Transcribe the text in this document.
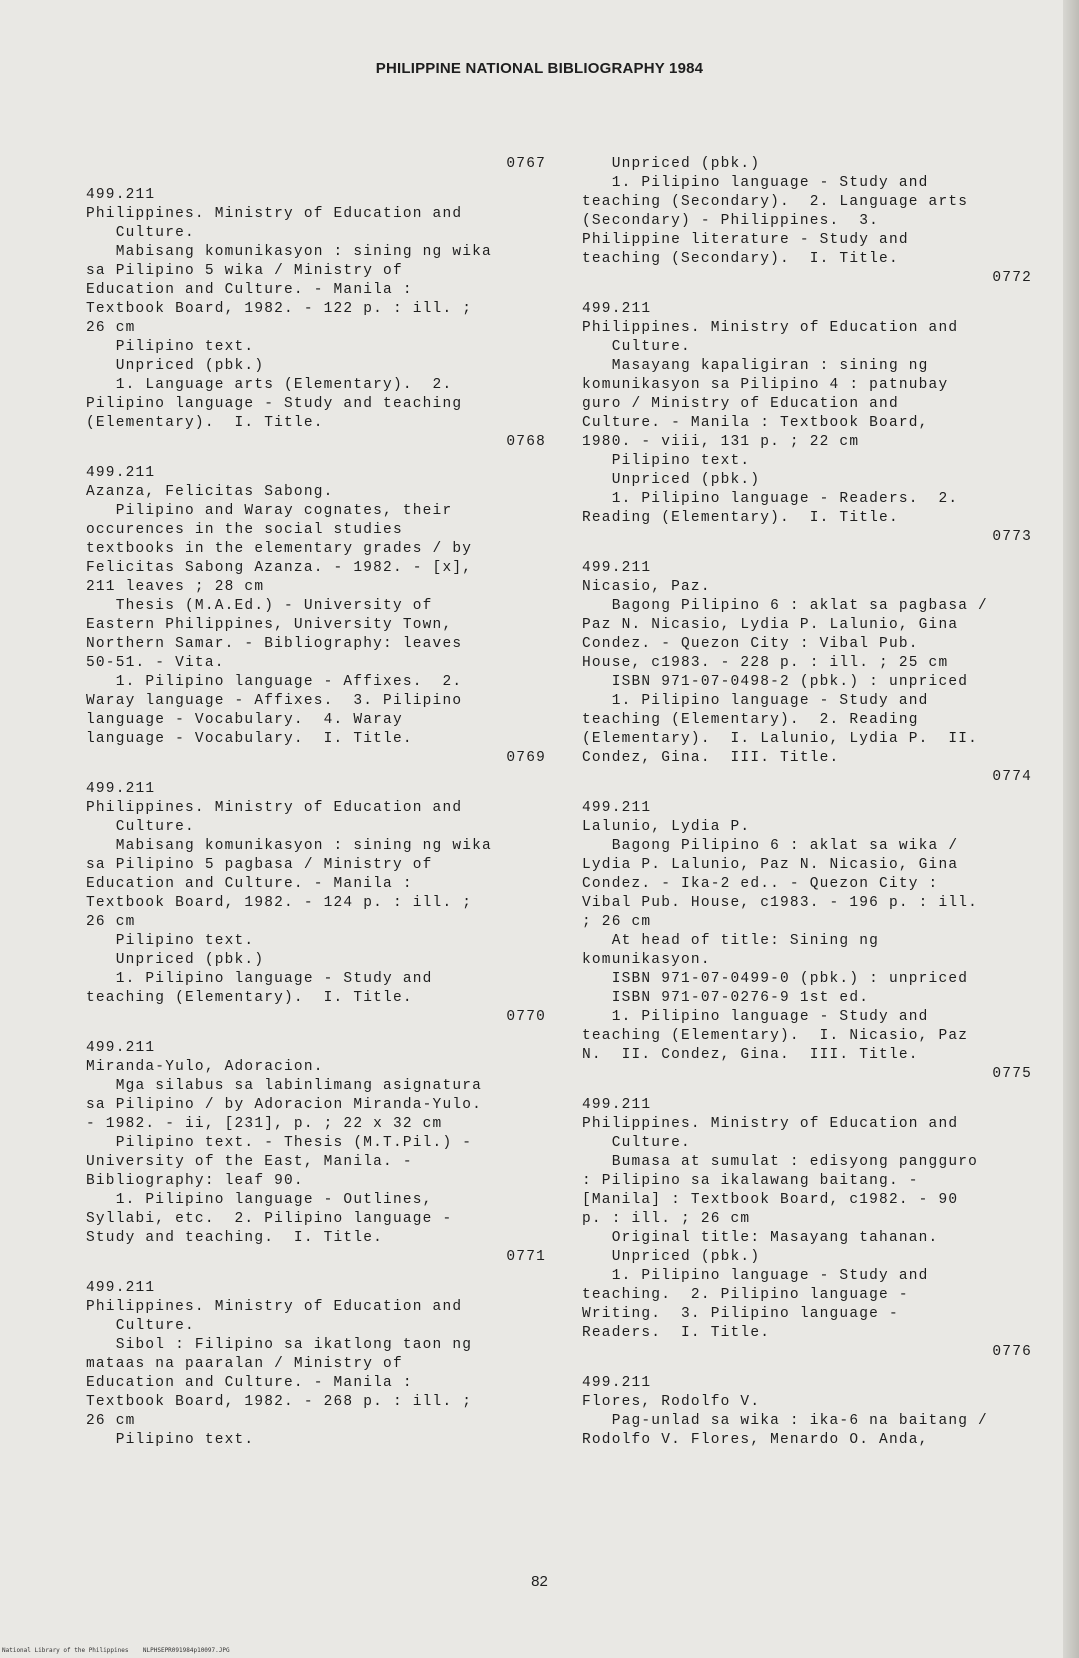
PHILIPPINE NATIONAL BIBLIOGRAPHY 1984
0767
499.211
Philippines. Ministry of Education and
Culture.
Mabisang komunikasyon : sining ng wika
sa Pilipino 5 wika / Ministry of
Education and Culture. - Manila :
Textbook Board, 1982. - 122 p. : ill. ;
26 cm
Pilipino text.
Unpriced (pbk.)
1. Language arts (Elementary).  2.
Pilipino language - Study and teaching
(Elementary).  I. Title.
0768
499.211
Azanza, Felicitas Sabong.
Pilipino and Waray cognates, their
occurences in the social studies
textbooks in the elementary grades / by
Felicitas Sabong Azanza. - 1982. - [x],
211 leaves ; 28 cm
Thesis (M.A.Ed.) - University of
Eastern Philippines, University Town,
Northern Samar. - Bibliography: leaves
50-51. - Vita.
1. Pilipino language - Affixes.  2.
Waray language - Affixes.  3. Pilipino
language - Vocabulary.  4. Waray
language - Vocabulary.  I. Title.
0769
499.211
Philippines. Ministry of Education and
Culture.
Mabisang komunikasyon : sining ng wika
sa Pilipino 5 pagbasa / Ministry of
Education and Culture. - Manila :
Textbook Board, 1982. - 124 p. : ill. ;
26 cm
Pilipino text.
Unpriced (pbk.)
1. Pilipino language - Study and
teaching (Elementary).  I. Title.
0770
499.211
Miranda-Yulo, Adoracion.
Mga silabus sa labinlimang asignatura
sa Pilipino / by Adoracion Miranda-Yulo.
- 1982. - ii, [231], p. ; 22 x 32 cm
Pilipino text. - Thesis (M.T.Pil.) -
University of the East, Manila. -
Bibliography: leaf 90.
1. Pilipino language - Outlines,
Syllabi, etc.  2. Pilipino language -
Study and teaching.  I. Title.
0771
499.211
Philippines. Ministry of Education and
Culture.
Sibol : Filipino sa ikatlong taon ng
mataas na paaralan / Ministry of
Education and Culture. - Manila :
Textbook Board, 1982. - 268 p. : ill. ;
26 cm
Pilipino text.
Unpriced (pbk.)
1. Pilipino language - Study and
teaching (Secondary).  2. Language arts
(Secondary) - Philippines.  3.
Philippine literature - Study and
teaching (Secondary).  I. Title.
0772
499.211
Philippines. Ministry of Education and
Culture.
Masayang kapaligiran : sining ng
komunikasyon sa Pilipino 4 : patnubay
guro / Ministry of Education and
Culture. - Manila : Textbook Board,
1980. - viii, 131 p. ; 22 cm
Pilipino text.
Unpriced (pbk.)
1. Pilipino language - Readers.  2.
Reading (Elementary).  I. Title.
0773
499.211
Nicasio, Paz.
Bagong Pilipino 6 : aklat sa pagbasa /
Paz N. Nicasio, Lydia P. Lalunio, Gina
Condez. - Quezon City : Vibal Pub.
House, c1983. - 228 p. : ill. ; 25 cm
ISBN 971-07-0498-2 (pbk.) : unpriced
1. Pilipino language - Study and
teaching (Elementary).  2. Reading
(Elementary).  I. Lalunio, Lydia P.  II.
Condez, Gina.  III. Title.
0774
499.211
Lalunio, Lydia P.
Bagong Pilipino 6 : aklat sa wika /
Lydia P. Lalunio, Paz N. Nicasio, Gina
Condez. - Ika-2 ed.. - Quezon City :
Vibal Pub. House, c1983. - 196 p. : ill.
; 26 cm
At head of title: Sining ng
komunikasyon.
ISBN 971-07-0499-0 (pbk.) : unpriced
ISBN 971-07-0276-9 1st ed.
1. Pilipino language - Study and
teaching (Elementary).  I. Nicasio, Paz
N.  II. Condez, Gina.  III. Title.
0775
499.211
Philippines. Ministry of Education and
Culture.
Bumasa at sumulat : edisyong pangguro
: Pilipino sa ikalawang baitang. -
[Manila] : Textbook Board, c1982. - 90
p. : ill. ; 26 cm
Original title: Masayang tahanan.
Unpriced (pbk.)
1. Pilipino language - Study and
teaching.  2. Pilipino language -
Writing.  3. Pilipino language -
Readers.  I. Title.
0776
499.211
Flores, Rodolfo V.
Pag-unlad sa wika : ika-6 na baitang /
Rodolfo V. Flores, Menardo O. Anda,
82
National Library of the Philippines NLPHSEPR091984p10097.JPG
